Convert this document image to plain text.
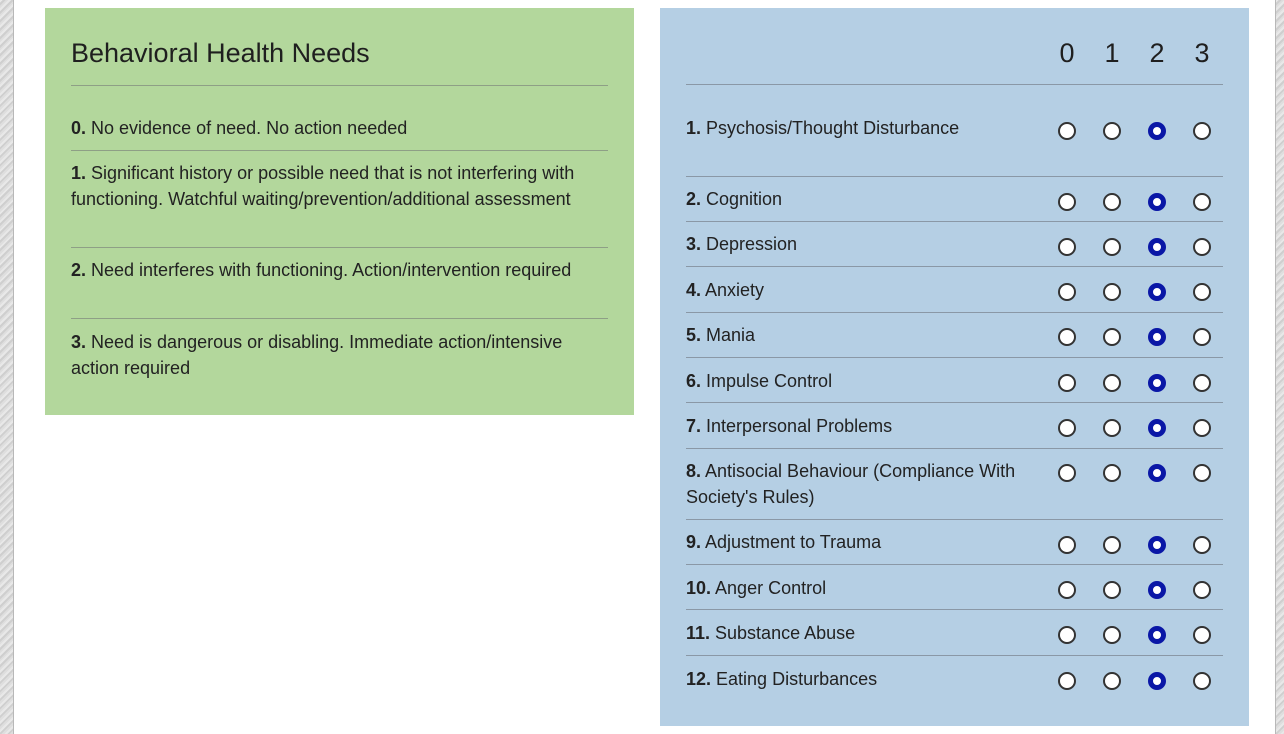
Behavioral Health Needs
0. No evidence of need. No action needed
1. Significant history or possible need that is not interfering with functioning. Watchful waiting/prevention/additional assessment
2. Need interferes with functioning. Action/intervention required
3. Need is dangerous or disabling. Immediate action/intensive action required
0 1 2 3
1. Psychosis/Thought Disturbance
2. Cognition
3. Depression
4. Anxiety
5. Mania
6. Impulse Control
7. Interpersonal Problems
8. Antisocial Behaviour (Compliance With Society's Rules)
9. Adjustment to Trauma
10. Anger Control
11. Substance Abuse
12. Eating Disturbances
